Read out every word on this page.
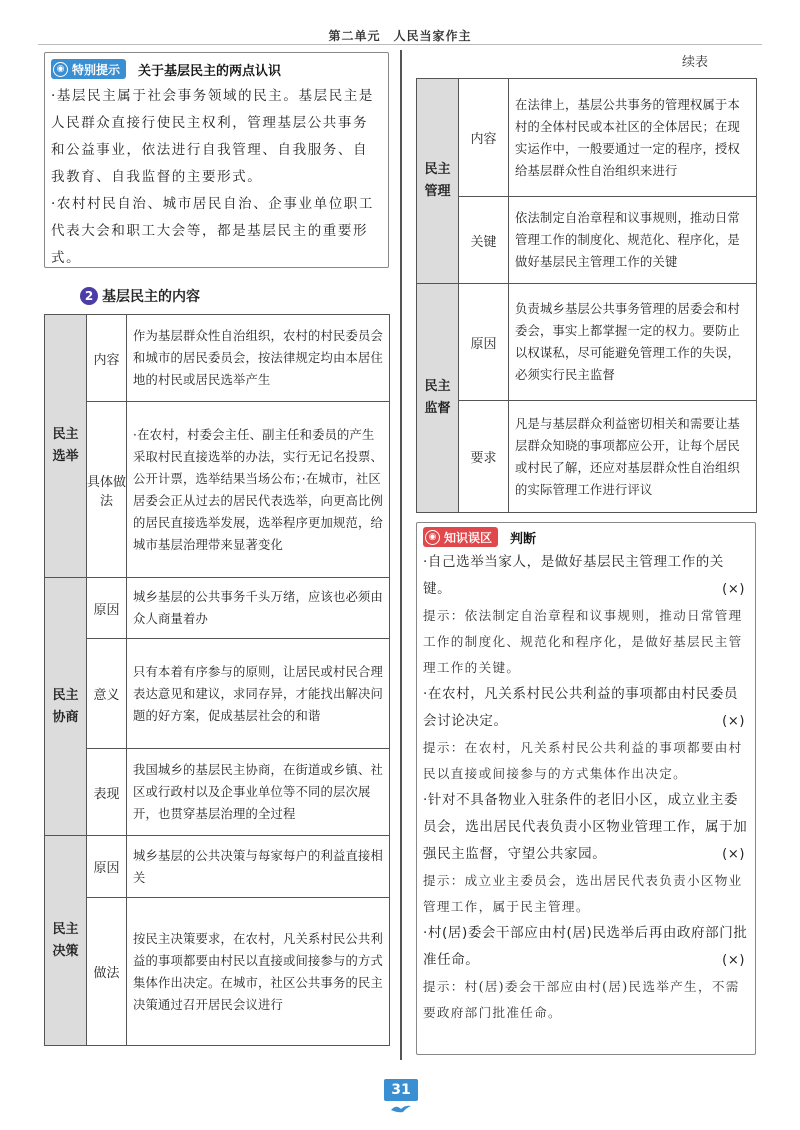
第二单元　人民当家作主
◉ 特别提示 关于基层民主的两点认识
·基层民主属于社会事务领域的民主。基层民主是人民群众直接行使民主权利，管理基层公共事务和公益事业，依法进行自我管理、自我服务、自我教育、自我监督的主要形式。
·农村村民自治、城市居民自治、企事业单位职工代表大会和职工大会等，都是基层民主的重要形式。
2 基层民主的内容
民主选举	内容	作为基层群众性自治组织，农村的村民委员会和城市的居民委员会，按法律规定均由本居住地的村民或居民选举产生
	具体做法	·在农村，村委会主任、副主任和委员的产生采取村民直接选举的办法，实行无记名投票、公开计票，选举结果当场公布；·在城市，社区居委会正从过去的居民代表选举，向更高比例的居民直接选举发展，选举程序更加规范，给城市基层治理带来显著变化
民主协商	原因	城乡基层的公共事务千头万绪，应该也必须由众人商量着办
	意义	只有本着有序参与的原则，让居民或村民合理表达意见和建议，求同存异，才能找出解决问题的好方案，促成基层社会的和谐
	表现	我国城乡的基层民主协商，在街道或乡镇、社区或行政村以及企事业单位等不同的层次展开，也贯穿基层治理的全过程
民主决策	原因	城乡基层的公共决策与每家每户的利益直接相关
	做法	按民主决策要求，在农村，凡关系村民公共利益的事项都要由村民以直接或间接参与的方式集体作出决定。在城市，社区公共事务的民主决策通过召开居民会议进行
续表
民主管理	内容	在法律上，基层公共事务的管理权属于本村的全体村民或本社区的全体居民；在现实运作中，一般要通过一定的程序，授权给基层群众性自治组织来进行
	关键	依法制定自治章程和议事规则，推动日常管理工作的制度化、规范化、程序化，是做好基层民主管理工作的关键
民主监督	原因	负责城乡基层公共事务管理的居委会和村委会，事实上都掌握一定的权力。要防止以权谋私，尽可能避免管理工作的失误，必须实行民主监督
	要求	凡是与基层群众利益密切相关和需要让基层群众知晓的事项都应公开，让每个居民或村民了解，还应对基层群众性自治组织的实际管理工作进行评议
◉ 知识误区 判断
·自己选举当家人，是做好基层民主管理工作的关键。	(×)
提示：依法制定自治章程和议事规则，推动日常管理工作的制度化、规范化和程序化，是做好基层民主管理工作的关键。
·在农村，凡关系村民公共利益的事项都由村民委员会讨论决定。	(×)
提示：在农村，凡关系村民公共利益的事项都要由村民以直接或间接参与的方式集体作出决定。
·针对不具备物业入驻条件的老旧小区，成立业主委员会，选出居民代表负责小区物业管理工作，属于加强民主监督，守望公共家园。	(×)
提示：成立业主委员会，选出居民代表负责小区物业管理工作，属于民主管理。
·村(居)委会干部应由村(居)民选举后再由政府部门批准任命。	(×)
提示：村(居)委会干部应由村(居)民选举产生，不需要政府部门批准任命。
31
